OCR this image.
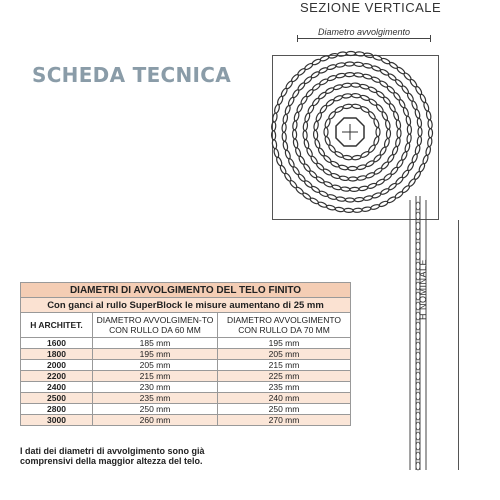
SCHEDA TECNICA
SEZIONE VERTICALE
Diametro avvolgimento
H NOMINALE
DIAMETRI DI AVVOLGIMENTO DEL TELO FINITO		
Con ganci al rullo SuperBlock le misure aumentano di 25 mm		
H ARCHITET.	DIAMETRO AVVOLGIMEN-TO CON RULLO DA 60 MM	DIAMETRO AVVOLGIMENTO CON RULLO DA 70 MM
1600	185 mm	195 mm
1800	195 mm	205 mm
2000	205 mm	215 mm
2200	215 mm	225 mm
2400	230 mm	235 mm
2500	235 mm	240 mm
2800	250 mm	250 mm
3000	260 mm	270 mm
I dati dei diametri di avvolgimento sono già comprensivi della maggior altezza del telo.
